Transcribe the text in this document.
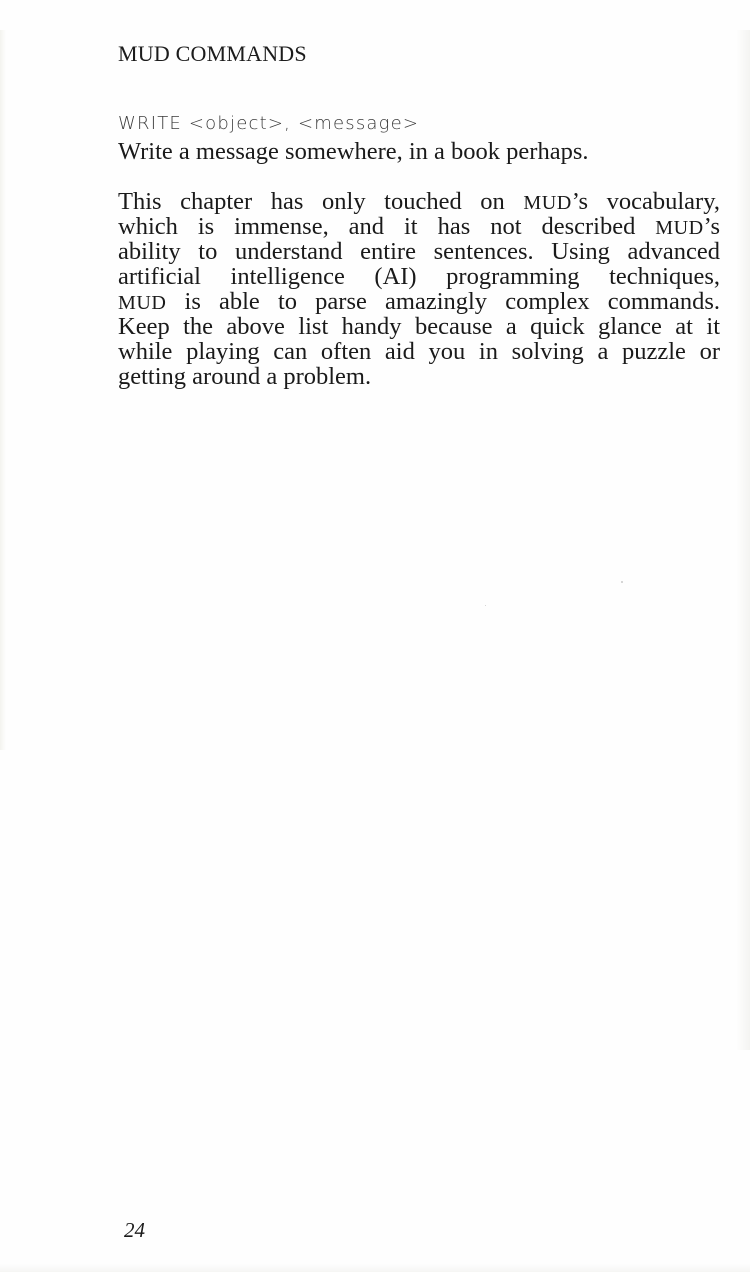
MUD COMMANDS

WRITE <object>, <message>

Write a message somewhere, in a book perhaps.

This chapter has only touched on MUD’s vocabulary,
which is immense, and it has not described MUD’s
ability to understand entire sentences. Using advanced
artificial intelligence (AI) programming techniques,
MUD is able to parse amazingly complex commands.
Keep the above list handy because a quick glance at it
while playing can often aid you in solving a puzzle or
getting around a problem.

24
